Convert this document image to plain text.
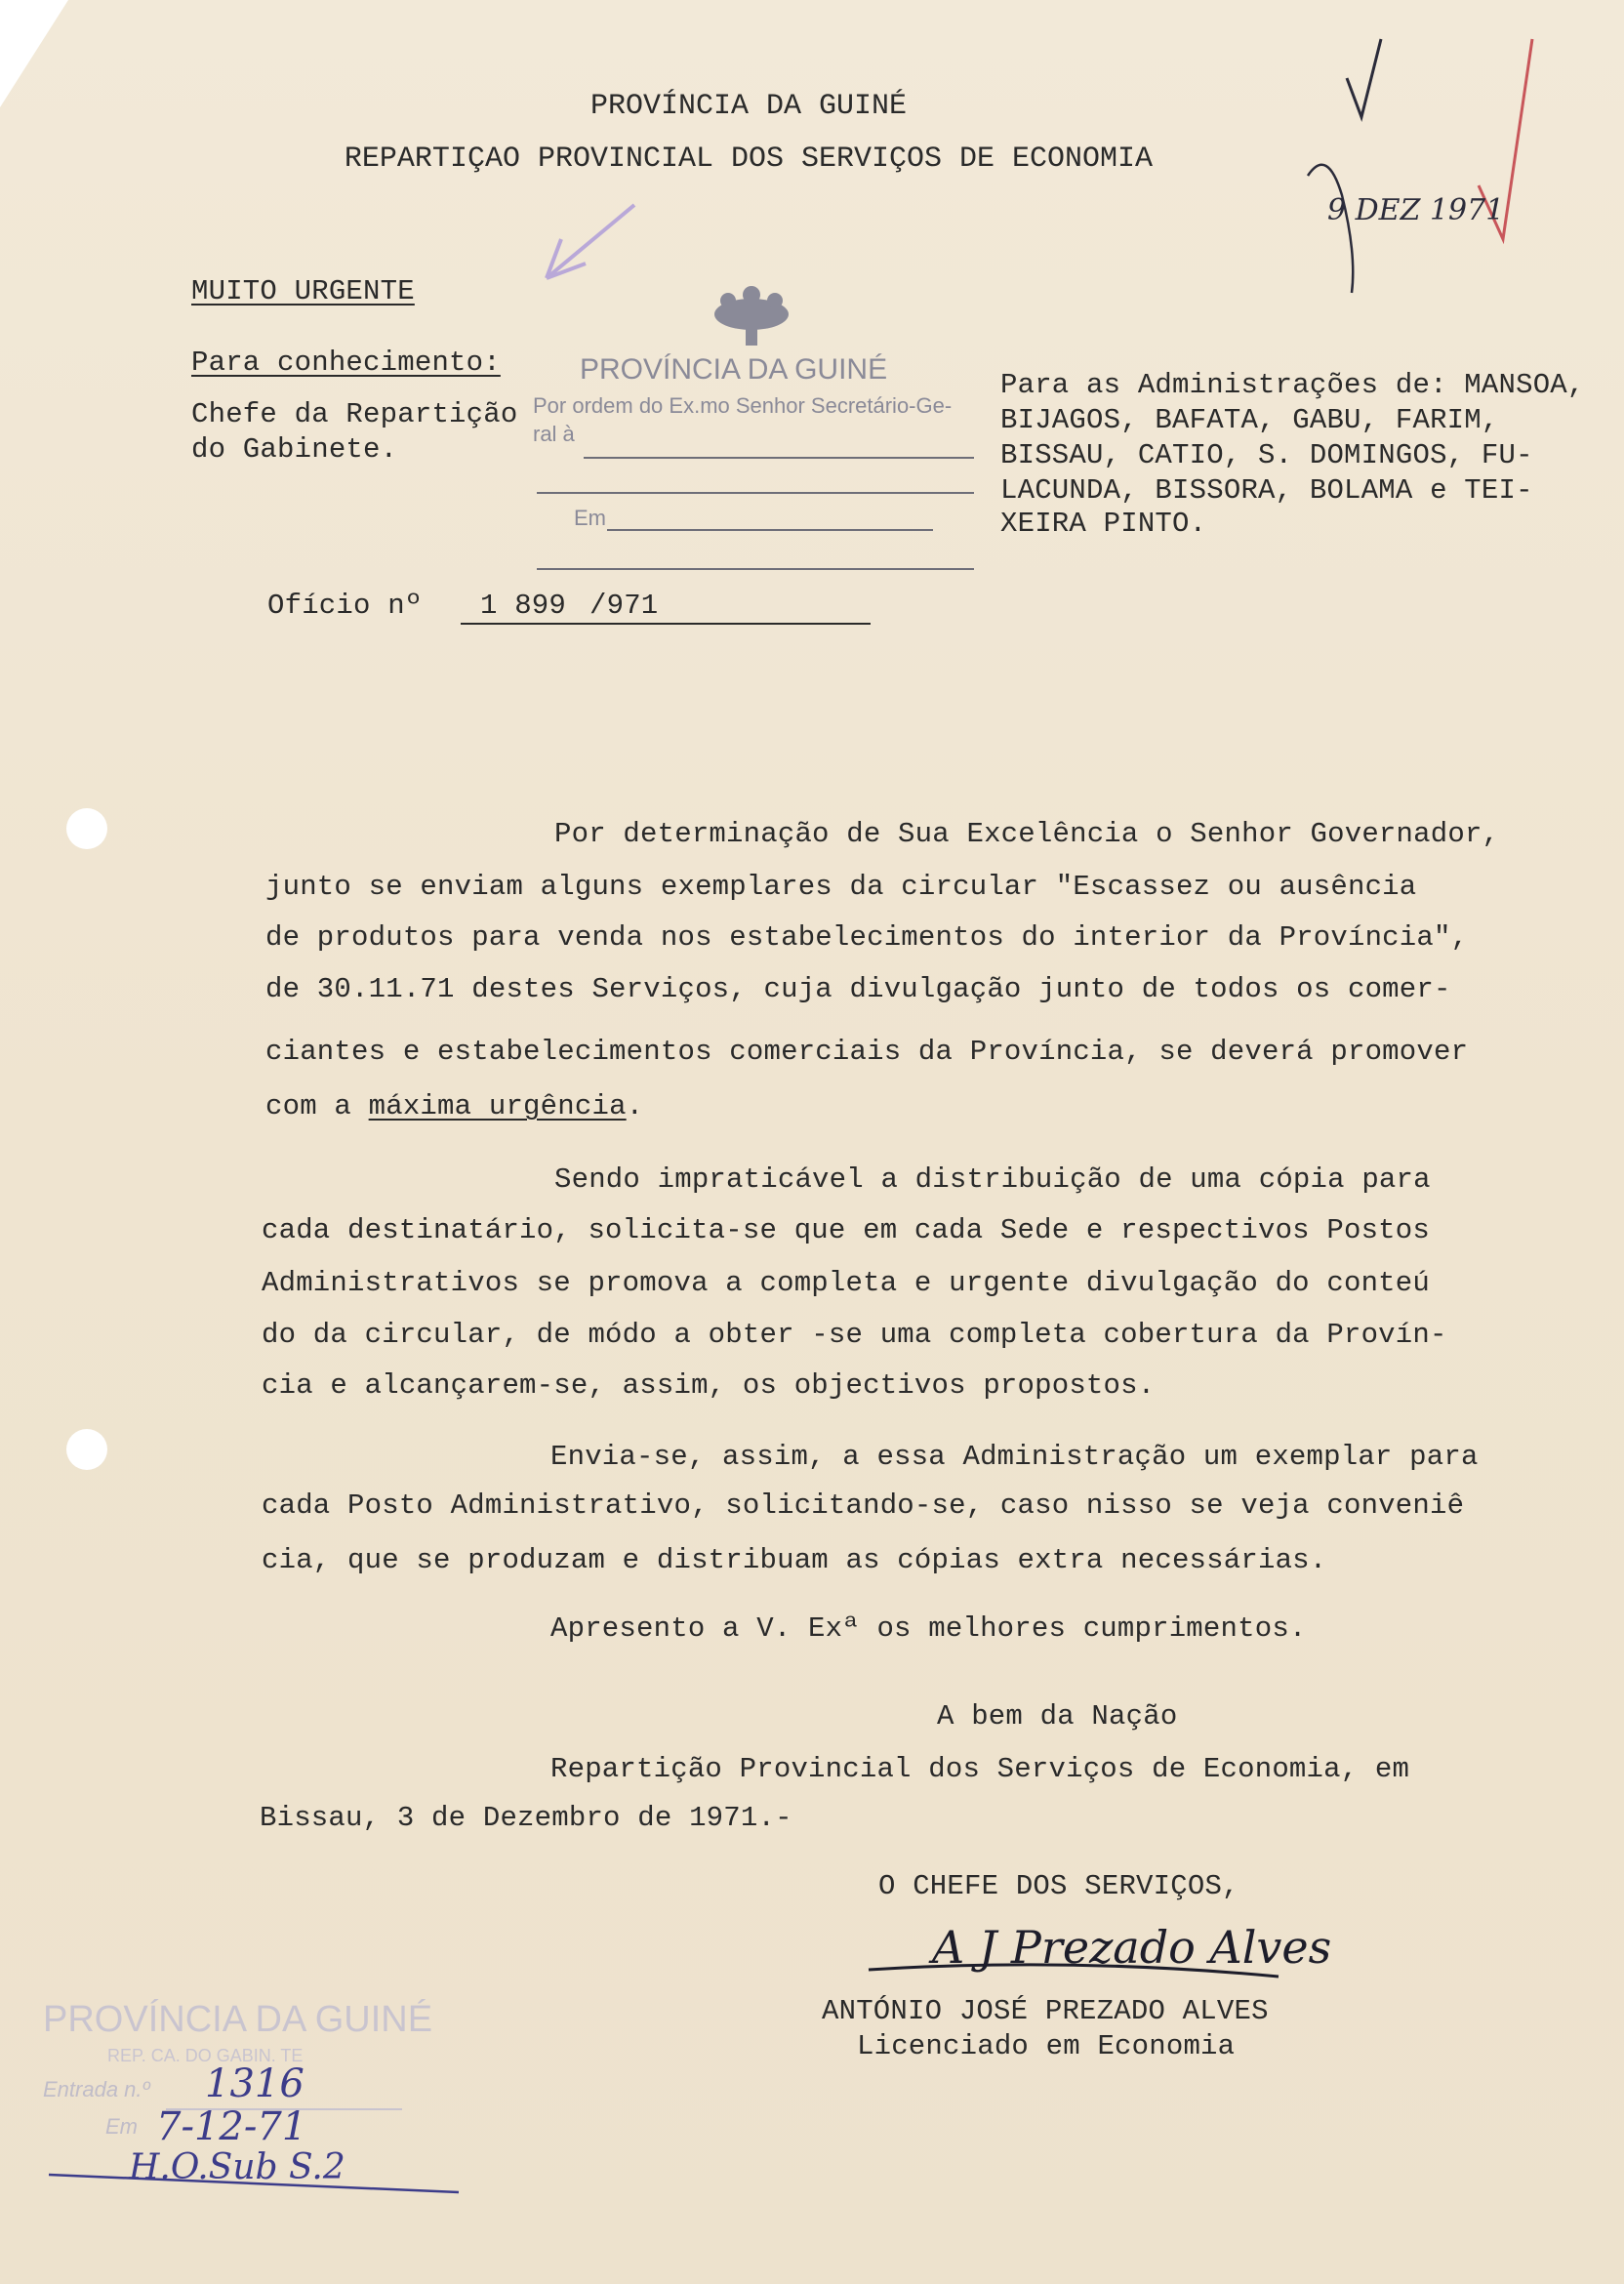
PROVÍNCIA DA GUINÉ
REPARTIÇAO PROVINCIAL DOS SERVIÇOS DE ECONOMIA
9 DEZ 1971
MUITO URGENTE
Para conhecimento:
Chefe da Repartição
do Gabinete.
PROVÍNCIA DA GUINÉ
Por ordem do Ex.mo Senhor Secretário-Ge-
ral à
Em
Para as Administrações de: MANSOA,
BIJAGOS, BAFATA, GABU, FARIM,
BISSAU, CATIO, S. DOMINGOS, FU-
LACUNDA, BISSORA, BOLAMA e TEI-
XEIRA PINTO.
Ofício nº 1 899 /971
Por determinação de Sua Excelência o Senhor Governador,
junto se enviam alguns exemplares da circular "Escassez ou ausência
de produtos para venda nos estabelecimentos do interior da Província",
de 30.11.71 destes Serviços, cuja divulgação junto de todos os comer-
ciantes e estabelecimentos comerciais da Província, se deverá promover
com a máxima urgência.
Sendo impraticável a distribuição de uma cópia para
cada destinatário, solicita-se que em cada Sede e respectivos Postos
Administrativos se promova a completa e urgente divulgação do conteú
do da circular, de módo a obter -se uma completa cobertura da Provín-
cia e alcançarem-se, assim, os objectivos propostos.
Envia-se, assim, a essa Administração um exemplar para
cada Posto Administrativo, solicitando-se, caso nisso se veja conveniê
cia, que se produzam e distribuam as cópias extra necessárias.
Apresento a V. Exª os melhores cumprimentos.
A bem da Nação
Repartição Provincial dos Serviços de Economia, em
Bissau, 3 de Dezembro de 1971.-
O CHEFE DOS SERVIÇOS,
A J Prezado Alves
ANTÓNIO JOSÉ PREZADO ALVES
Licenciado em Economia
PROVÍNCIA DA GUINÉ
REP. CA. DO GABIN. TE
Entrada n.º 1316
Em 7-12-71
H.O.Sub S.2
